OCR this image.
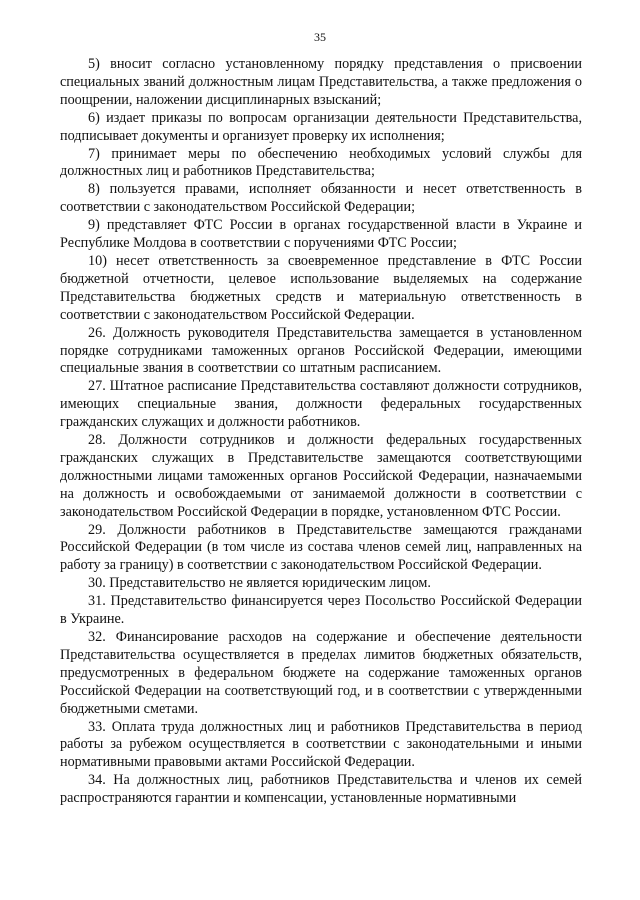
35

5) вносит согласно установленному порядку представления о присвоении специальных званий должностным лицам Представительства, а также предложения о поощрении, наложении дисциплинарных взысканий;

6) издает приказы по вопросам организации деятельности Представительства, подписывает документы и организует проверку их исполнения;

7) принимает меры по обеспечению необходимых условий службы для должностных лиц и работников Представительства;

8) пользуется правами, исполняет обязанности и несет ответственность в соответствии с законодательством Российской Федерации;

9) представляет ФТС России в органах государственной власти в Украине и Республике Молдова в соответствии с поручениями ФТС России;

10) несет ответственность за своевременное представление в ФТС России бюджетной отчетности, целевое использование выделяемых на содержание Представительства бюджетных средств и материальную ответственность в соответствии с законодательством Российской Федерации.

26. Должность руководителя Представительства замещается в установленном порядке сотрудниками таможенных органов Российской Федерации, имеющими специальные звания в соответствии со штатным расписанием.

27. Штатное расписание Представительства составляют должности сотрудников, имеющих специальные звания, должности федеральных государственных гражданских служащих и должности работников.

28. Должности сотрудников и должности федеральных государственных гражданских служащих в Представительстве замещаются соответствующими должностными лицами таможенных органов Российской Федерации, назначаемыми на должность и освобождаемыми от занимаемой должности в соответствии с законодательством Российской Федерации в порядке, установленном ФТС России.

29. Должности работников в Представительстве замещаются гражданами Российской Федерации (в том числе из состава членов семей лиц, направленных на работу за границу) в соответствии с законодательством Российской Федерации.

30. Представительство не является юридическим лицом.

31. Представительство финансируется через Посольство Российской Федерации в Украине.

32. Финансирование расходов на содержание и обеспечение деятельности Представительства осуществляется в пределах лимитов бюджетных обязательств, предусмотренных в федеральном бюджете на содержание таможенных органов Российской Федерации на соответствующий год, и в соответствии с утвержденными бюджетными сметами.

33. Оплата труда должностных лиц и работников Представительства в период работы за рубежом осуществляется в соответствии с законодательными и иными нормативными правовыми актами Российской Федерации.

34. На должностных лиц, работников Представительства и членов их семей распространяются гарантии и компенсации, установленные нормативными
